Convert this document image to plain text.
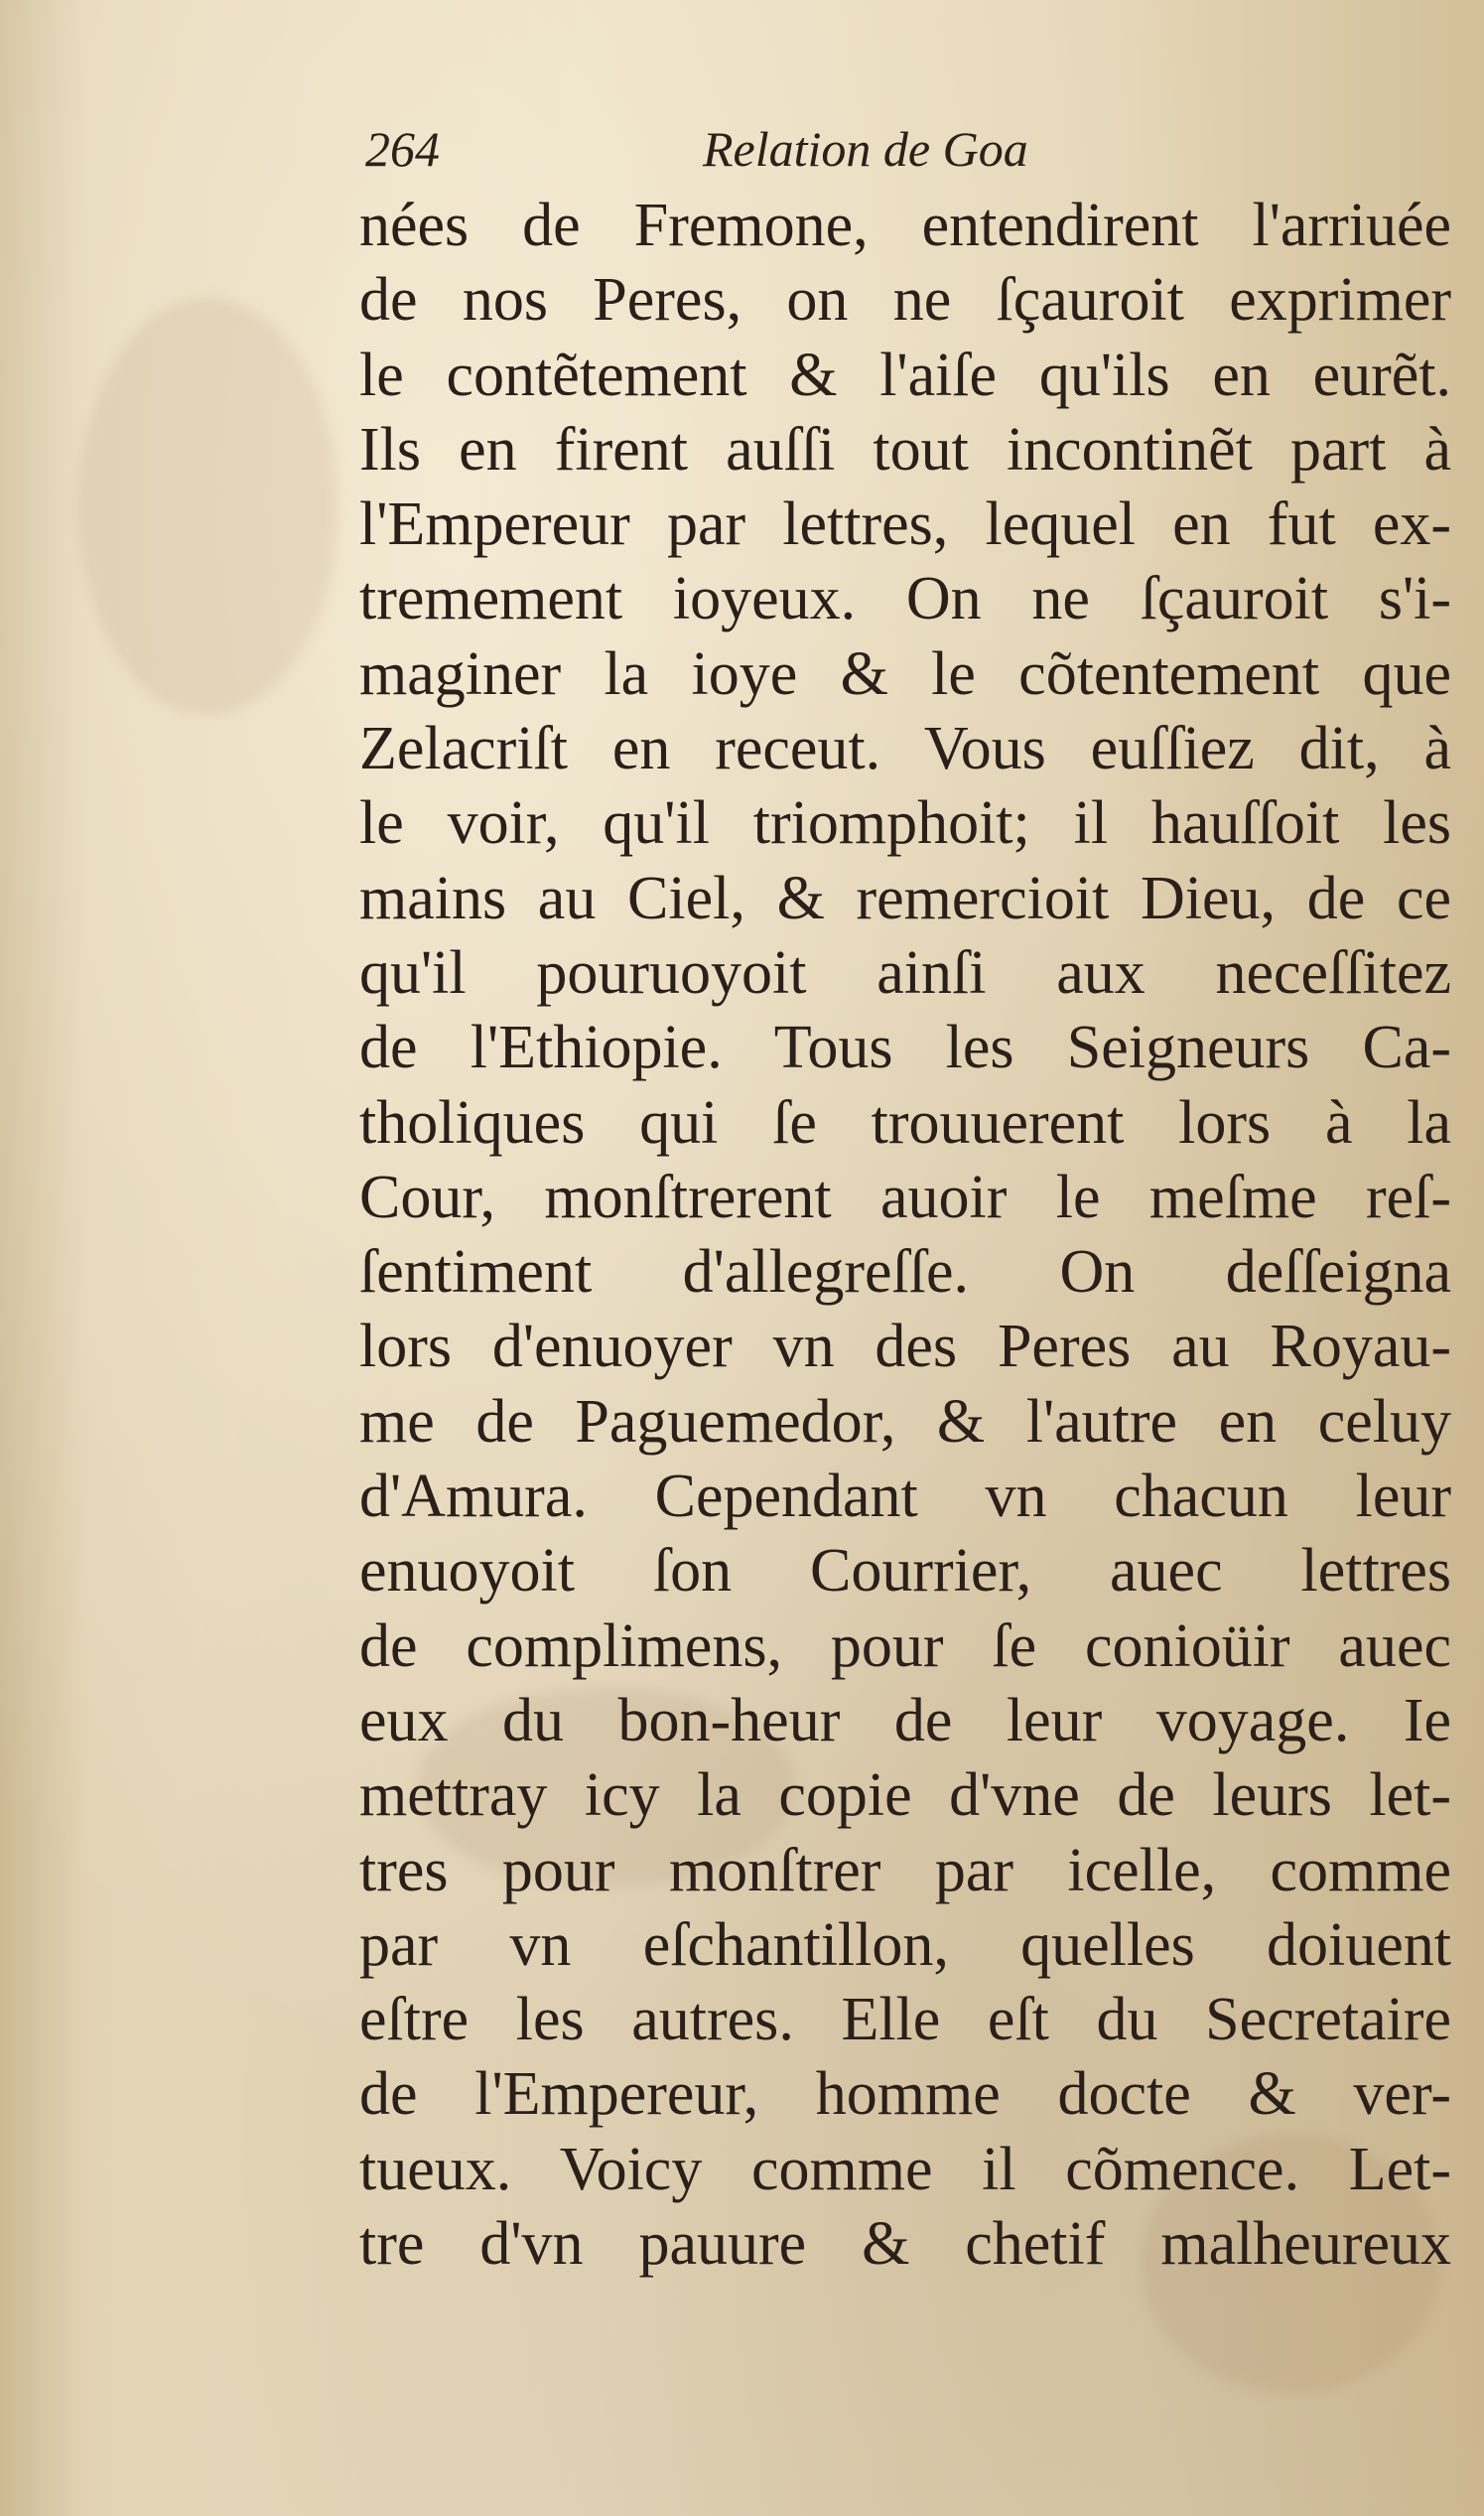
264	Relation de Goa
nées de Fremone, entendirent l'arriuée
de nos Peres, on ne ſçauroit exprimer
le contẽtement & l'aiſe qu'ils en eurẽt.
Ils en firent auſſi tout incontinẽt part à
l'Empereur par lettres, lequel en fut ex-
tremement ioyeux. On ne ſçauroit s'i-
maginer la ioye & le cõtentement que
Zelacriſt en receut. Vous euſſiez dit, à
le voir, qu'il triomphoit; il hauſſoit les
mains au Ciel, & remercioit Dieu, de ce
qu'il pouruoyoit ainſi aux neceſſitez
de l'Ethiopie. Tous les Seigneurs Ca-
tholiques qui ſe trouuerent lors à la
Cour, monſtrerent auoir le meſme reſ-
ſentiment d'allegreſſe. On deſſeigna
lors d'enuoyer vn des Peres au Royau-
me de Paguemedor, & l'autre en celuy
d'Amura. Cependant vn chacun leur
enuoyoit ſon Courrier, auec lettres
de complimens, pour ſe conioüir auec
eux du bon-heur de leur voyage. Ie
mettray icy la copie d'vne de leurs let-
tres pour monſtrer par icelle, comme
par vn eſchantillon, quelles doiuent
eſtre les autres. Elle eſt du Secretaire
de l'Empereur, homme docte & ver-
tueux. Voicy comme il cõmence. Let-
tre d'vn pauure & chetif malheureux
